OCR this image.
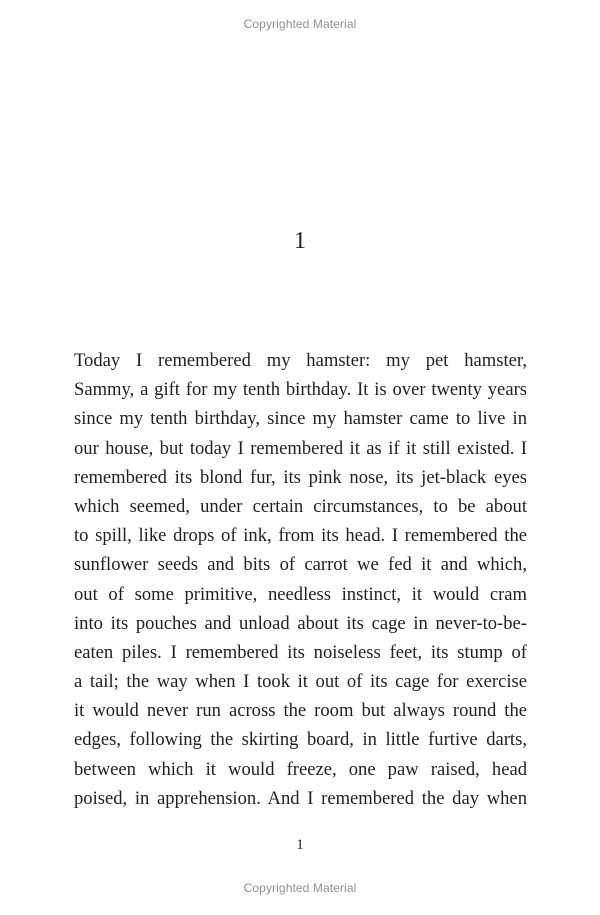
Copyrighted Material
1
Today I remembered my hamster: my pet hamster,
Sammy, a gift for my tenth birthday. It is over twenty years
since my tenth birthday, since my hamster came to live in
our house, but today I remembered it as if it still existed. I
remembered its blond fur, its pink nose, its jet-black eyes
which seemed, under certain circumstances, to be about
to spill, like drops of ink, from its head. I remembered the
sunflower seeds and bits of carrot we fed it and which,
out of some primitive, needless instinct, it would cram
into its pouches and unload about its cage in never-to-be-
eaten piles. I remembered its noiseless feet, its stump of
a tail; the way when I took it out of its cage for exercise
it would never run across the room but always round the
edges, following the skirting board, in little furtive darts,
between which it would freeze, one paw raised, head
poised, in apprehension. And I remembered the day when
1
Copyrighted Material
